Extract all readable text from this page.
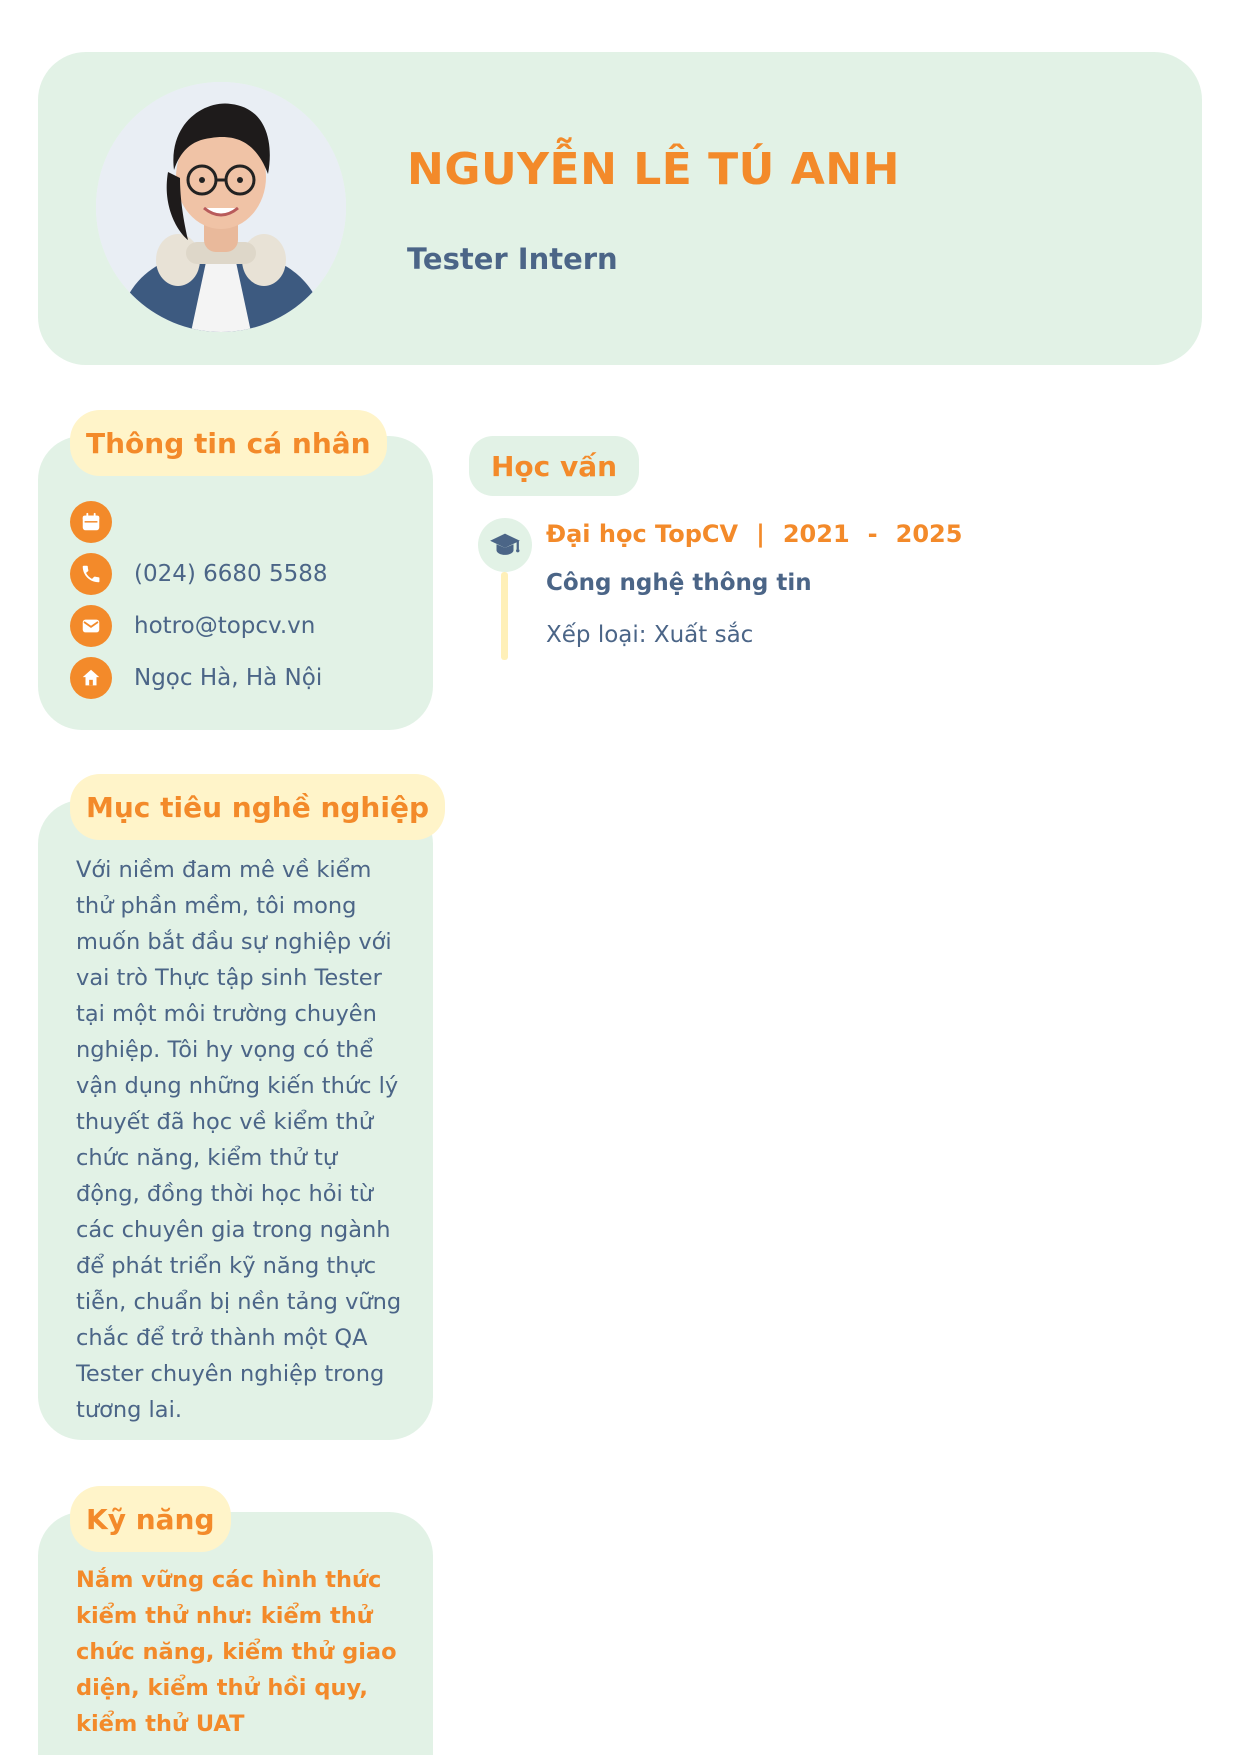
NGUYỄN LÊ TÚ ANH
Tester Intern
Thông tin cá nhân
(024) 6680 5588
hotro@topcv.vn
Ngọc Hà, Hà Nội
Mục tiêu nghề nghiệp

Với niềm đam mê về kiểm thử phần mềm, tôi mong muốn bắt đầu sự nghiệp với vai trò Thực tập sinh Tester tại một môi trường chuyên nghiệp. Tôi hy vọng có thể vận dụng những kiến thức lý thuyết đã học về kiểm thử chức năng, kiểm thử tự động, đồng thời học hỏi từ các chuyên gia trong ngành để phát triển kỹ năng thực tiễn, chuẩn bị nền tảng vững chắc để trở thành một QA Tester chuyên nghiệp trong tương lai.

Kỹ năng

Nắm vững các hình thức kiểm thử như: kiểm thử chức năng, kiểm thử giao diện, kiểm thử hồi quy, kiểm thử UAT

Học vấn
Đại học TopCV | 2021 - 2025
Công nghệ thông tin
Xếp loại: Xuất sắc
